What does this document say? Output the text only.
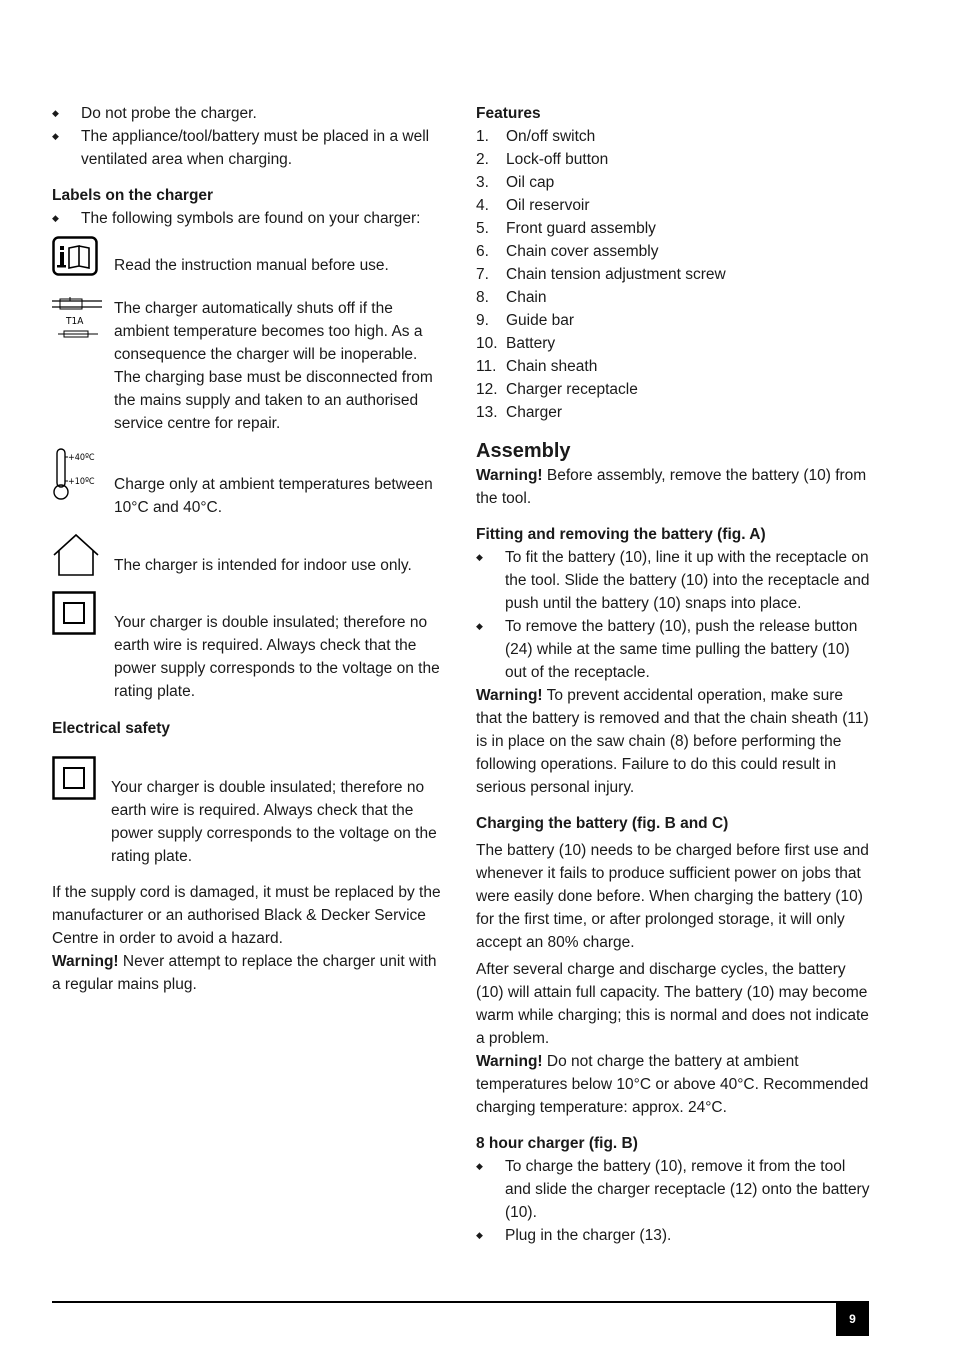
◆	Do not probe the charger.
◆	The appliance/tool/battery must be placed in a well ventilated area when charging.

Labels on the charger

◆	The following symbols are found on your charger:
Read the instruction manual before use.
T1A
The charger automatically shuts off if the ambient temperature becomes too high. As a consequence the charger will be inoperable. The charging base must be disconnected from the mains supply and taken to an authorised service centre for repair.
+40ºC
+10ºC Charge only at ambient temperatures between 10°C and 40°C.
The charger is intended for indoor use only.
Your charger is double insulated; therefore no earth wire is required. Always check that the power supply corresponds to the voltage on the rating plate.

Electrical safety

Your charger is double insulated; therefore no earth wire is required. Always check that the power supply corresponds to the voltage on the rating plate.

If the supply cord is damaged, it must be replaced by the manufacturer or an authorised Black & Decker Service Centre in order to avoid a hazard.

Warning! Never attempt to replace the charger unit with a regular mains plug.

Features

1.	On/off switch
2.	Lock-off button
3.	Oil cap
4.	Oil reservoir
5.	Front guard assembly
6.	Chain cover assembly
7.	Chain tension adjustment screw
8.	Chain
9.	Guide bar
10. Battery
11. Chain sheath
12. Charger receptacle
13. Charger
Assembly

Warning! Before assembly, remove the battery (10) from the tool.

Fitting and removing the battery (fig. A)

◆	To fit the battery (10), line it up with the receptacle on the tool. Slide the battery (10) into the receptacle and push until the battery (10) snaps into place.
◆	To remove the battery (10), push the release button (24) while at the same time pulling the battery (10) out of the receptacle.

Warning! To prevent accidental operation, make sure that the battery is removed and that the chain sheath (11) is in place on the saw chain (8) before performing the following operations. Failure to do this could result in serious personal injury.

Charging the battery (fig. B and C)

The battery (10) needs to be charged before first use and whenever it fails to produce sufficient power on jobs that were easily done before. When charging the battery (10) for the first time, or after prolonged storage, it will only accept an 80% charge.

After several charge and discharge cycles, the battery (10) will attain full capacity. The battery (10) may become warm while charging; this is normal and does not indicate a problem.

Warning! Do not charge the battery at ambient temperatures below 10°C or above 40°C. Recommended charging temperature: approx. 24°C.

8 hour charger (fig. B)

◆	To charge the battery (10), remove it from the tool and slide the charger receptacle (12) onto the battery (10).
◆	Plug in the charger (13).
9
